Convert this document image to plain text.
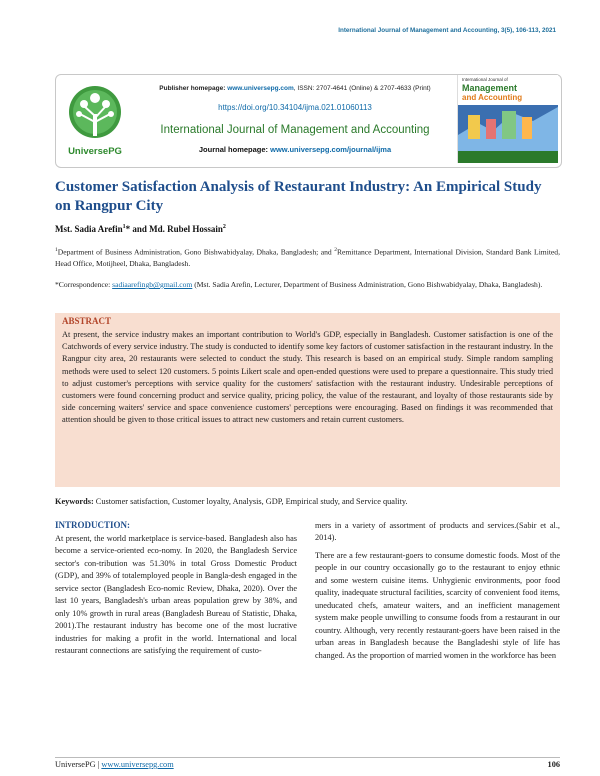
International Journal of Management and Accounting, 3(5), 106-113, 2021
UniversePG
Publisher homepage: www.universepg.com, ISSN: 2707-4641 (Online) & 2707-4633 (Print)
https://doi.org/10.34104/ijma.021.01060113
International Journal of Management and Accounting
Journal homepage: www.universepg.com/journal/ijma
International Journal of
Management
and Accounting
Customer Satisfaction Analysis of Restaurant Industry: An Empirical Study on Rangpur City
Mst. Sadia Arefin$^1$* and Md. Rubel Hossain$^2$
$^1$Department of Business Administration, Gono Bishwabidyalay, Dhaka, Bangladesh; and $^2$Remittance Department, International Division, Standard Bank Limited, Head Office, Motijheel, Dhaka, Bangladesh.
*Correspondence: sadiaarefingb@gmail.com (Mst. Sadia Arefin, Lecturer, Department of Business Administration, Gono Bishwabidyalay, Dhaka, Bangladesh).
ABSTRACT
At present, the service industry makes an important contribution to World's GDP, especially in Bangladesh. Customer satisfaction is one of the Catchwords of every service industry. The study is conducted to identify some key factors of customer satisfaction in the restaurant industry. In the Rangpur city area, 20 restaurants were selected to conduct the study. This research is based on an empirical study. Simple random sampling methods were used to select 120 customers. 5 points Likert scale and open-ended questions were used to prepare a questionnaire. This study tried to adjust customer's perceptions with service quality for the customers' satisfaction with the restaurant industry. Undesirable perceptions of customers were found concerning product and service quality, pricing policy, the value of the restaurant, and loyalty of those restaurants side by side concerning waiters' service and space convenience customers' perceptions were encouraging. Based on findings it was recommended that attention should be given to those critical issues to attract new customers and retain current customers.
Keywords: Customer satisfaction, Customer loyalty, Analysis, GDP, Empirical study, and Service quality.
INTRODUCTION:
At present, the world marketplace is service-based. Bangladesh also has become a service-oriented eco-nomy. In 2020, the Bangladesh Service sector's con-tribution was 51.30% in total Gross Domestic Product (GDP), and 39% of totalemployed people in Bangla-desh engaged in the service sector (Bangladesh Eco-nomic Review, Dhaka, 2020). Over the last 10 years, Bangladesh's urban areas population grew by 38%, and only 10% growth in rural areas (Bangladesh Bureau of Statistic, Dhaka, 2001).The restaurant industry has become one of the most lucrative industries for making a profit in the world. International and local restaurant connections are satisfying the requirement of custo-
mers in a variety of assortment of products and services.(Sabir et al., 2014).
There are a few restaurant-goers to consume domestic foods. Most of the people in our country occasionally go to the restaurant to enjoy ethnic and some western cuisine items. Unhygienic environments, poor food quality, inadequate structural facilities, scarcity of convenient food items, uneducated chefs, amateur waiters, and an inefficient management system make people unwilling to consume foods from a restaurant in our country. Although, very recently restaurant-goers have been raised in the urban areas in Bangladesh because the Bangladeshi style of life has changed. As the proportion of married women in the workforce has been
UniversePG | www.universepg.com	106
